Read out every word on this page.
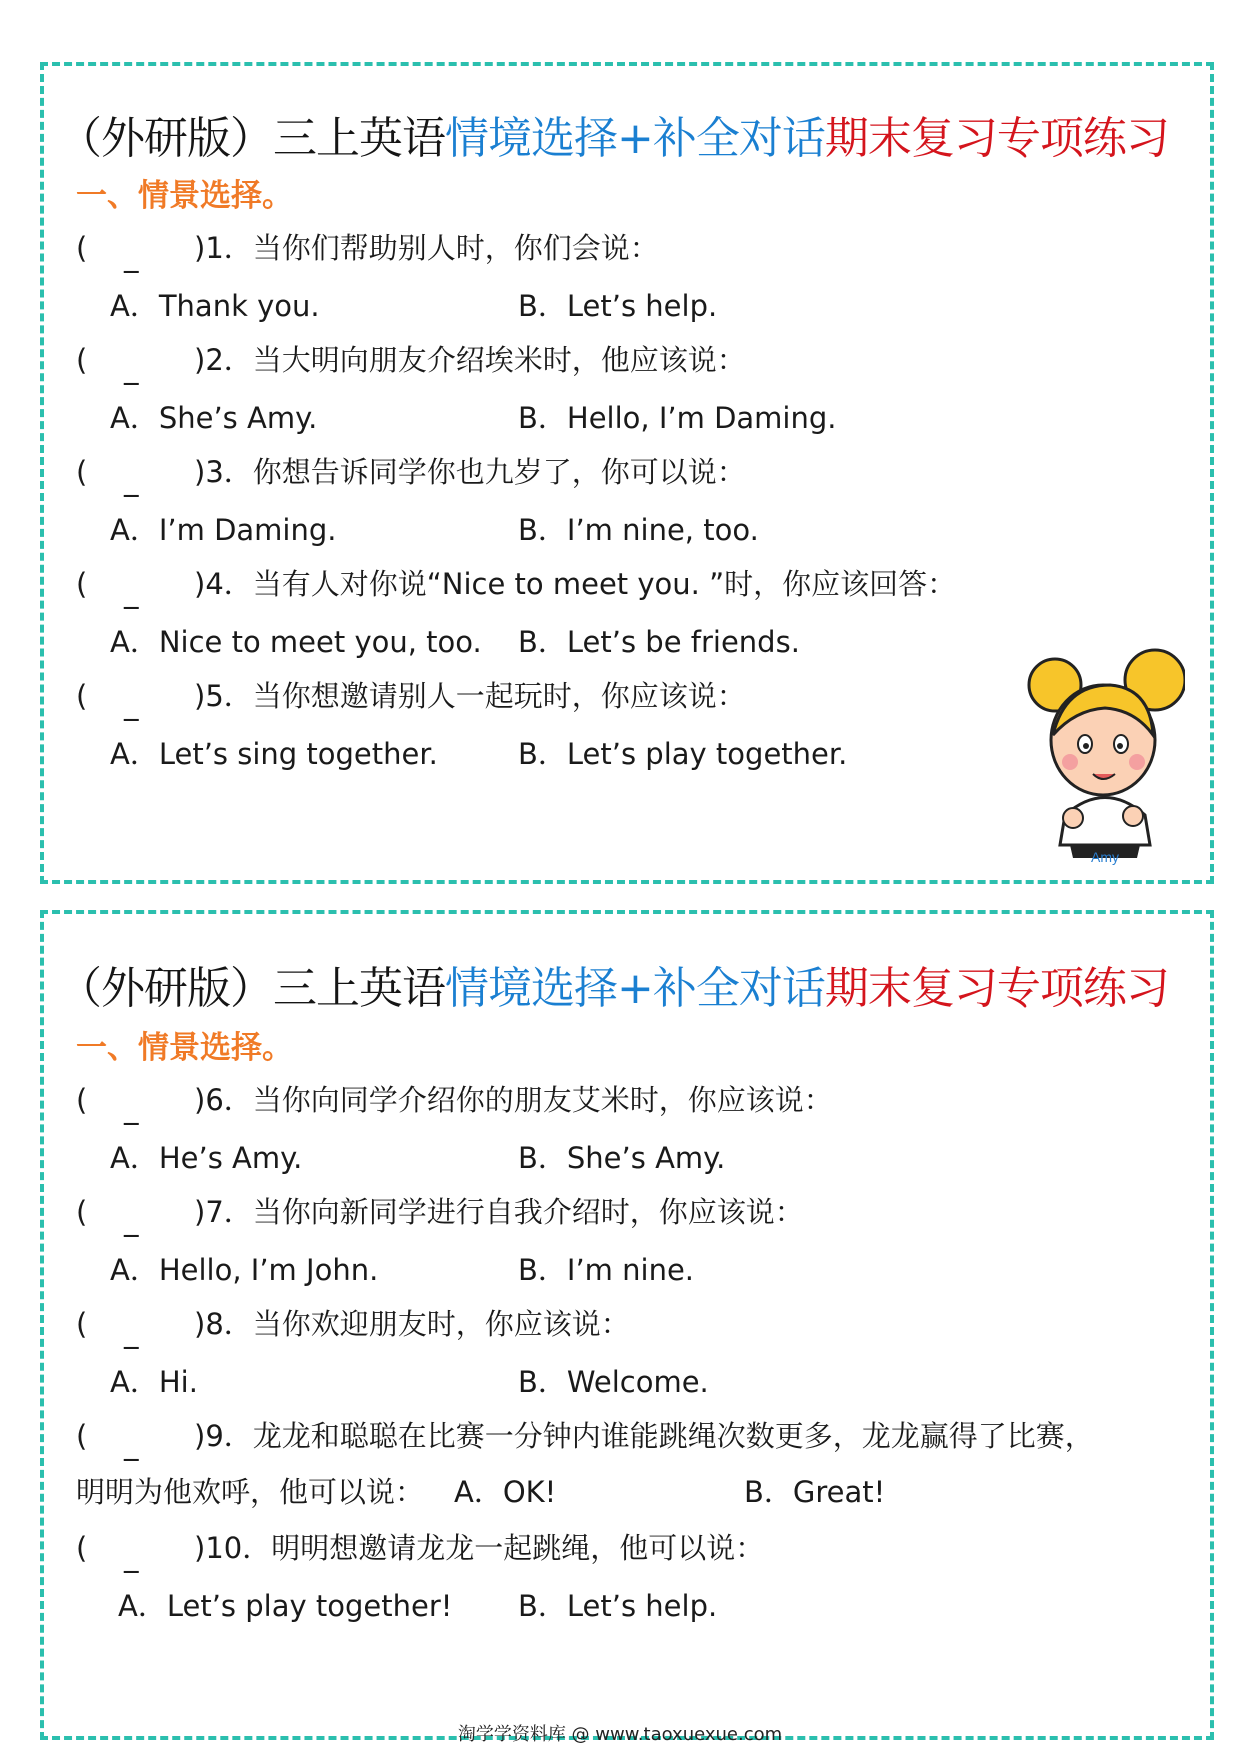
（外研版）三上英语情境选择+补全对话期末复习专项练习
一、情景选择。
( _ )1．当你们帮助别人时，你们会说：
A．Thank you.	B．Let’s help.
( _ )2．当大明向朋友介绍埃米时，他应该说：
A．She’s Amy.	B．Hello, I’m Daming.
( _ )3．你想告诉同学你也九岁了，你可以说：
A．I’m Daming.	B．I’m nine, too.
( _ )4．当有人对你说“Nice to meet you. ”时，你应该回答：
A．Nice to meet you, too. B．Let’s be friends.
( _ )5．当你想邀请别人一起玩时，你应该说：
A．Let’s sing together.	B．Let’s play together.
Amy
（外研版）三上英语情境选择+补全对话期末复习专项练习
一、情景选择。
( _ )6．当你向同学介绍你的朋友艾米时，你应该说：
A．He’s Amy.	B．She’s Amy.
( _ )7．当你向新同学进行自我介绍时，你应该说：
A．Hello, I’m John.	B．I’m nine.
( _ )8．当你欢迎朋友时，你应该说：
A．Hi.	B．Welcome.
( _ )9．龙龙和聪聪在比赛一分钟内谁能跳绳次数更多，龙龙赢得了比赛，
明明为他欢呼，他可以说： A．OK!	B．Great!
( _ )10．明明想邀请龙龙一起跳绳，他可以说：
A．Let’s play together! B．Let’s help.
淘学学资料库 @ www.taoxuexue.com
